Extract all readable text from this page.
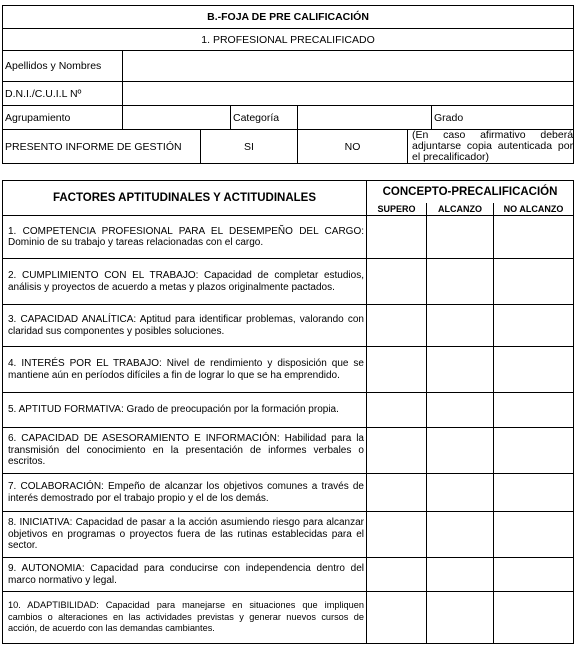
B.-FOJA DE PRE CALIFICACIÓN						
1. PROFESIONAL PRECALIFICADO						
Apellidos y Nombres						
D.N.I./C.U.I.L Nº						
Agrupamiento			Categoría			Grado
PRESENTO INFORME DE GESTIÓN		SI		NO	(En caso afirmativo deberá adjuntarse copia autenticada por el precalificador)	
FACTORES APTITUDINALES Y ACTITUDINALES	CONCEPTO-PRECALIFICACIÓN		
	SUPERO	ALCANZO	NO ALCANZO
1. COMPETENCIA PROFESIONAL PARA EL DESEMPEÑO DEL CARGO: Dominio de su trabajo y tareas relacionadas con el cargo.			
2. CUMPLIMIENTO CON EL TRABAJO: Capacidad de completar estudios, análisis y proyectos de acuerdo a metas y plazos originalmente pactados.			
3. CAPACIDAD ANALÍTICA: Aptitud para identificar problemas, valorando con claridad sus componentes y posibles soluciones.			
4. INTERÉS POR EL TRABAJO: Nivel de rendimiento y disposición que se mantiene aún en períodos difíciles a fin de lograr lo que se ha emprendido.			
5. APTITUD FORMATIVA: Grado de preocupación por la formación propia.			
6. CAPACIDAD DE ASESORAMIENTO E INFORMACIÓN: Habilidad para la transmisión del conocimiento en la presentación de informes verbales o escritos.			
7. COLABORACIÓN: Empeño de alcanzar los objetivos comunes a través de interés demostrado por el trabajo propio y el de los demás.			
8. INICIATIVA: Capacidad de pasar a la acción asumiendo riesgo para alcanzar objetivos en programas o proyectos fuera de las rutinas establecidas para el sector.			
9. AUTONOMIA: Capacidad para conducirse con independencia dentro del marco normativo y legal.			
10. ADAPTIBILIDAD: Capacidad para manejarse en situaciones que impliquen cambios o alteraciones en las actividades previstas y generar nuevos cursos de acción, de acuerdo con las demandas cambiantes.			
